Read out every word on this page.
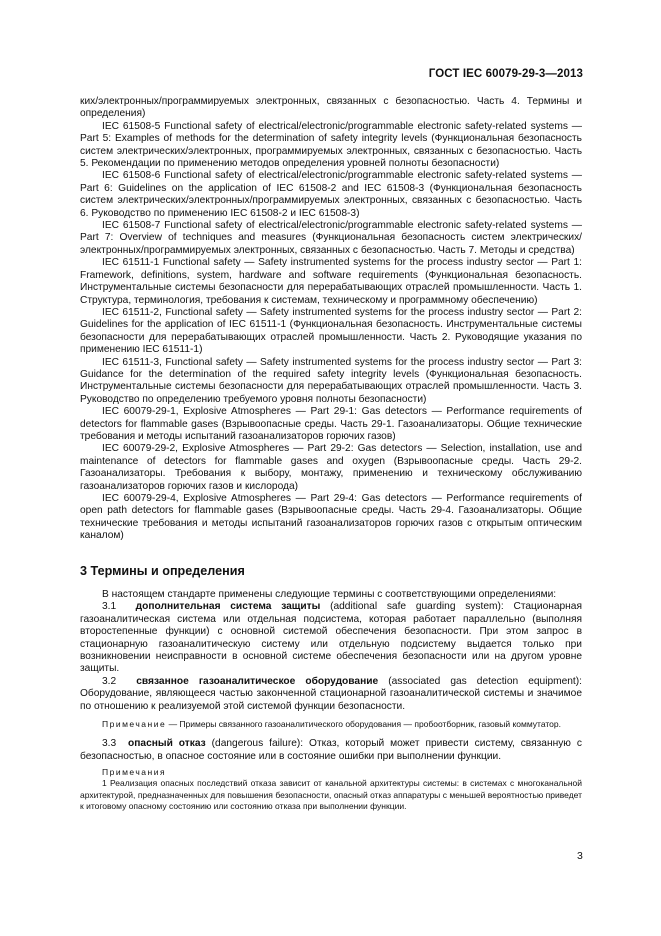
ГОСТ IEC 60079-29-3—2013

ких/электронных/программируемых электронных, связанных с безопасностью. Часть 4. Термины и определения)

IEC 61508-5 Functional safety of electrical/electronic/programmable electronic safety-related systems — Part 5: Examples of methods for the determination of safety integrity levels (Функциональная безопасность систем электрических/электронных, программируемых электронных, связанных с безопасностью. Часть 5. Рекомендации по применению методов определения уровней полноты безопасности)

IEC 61508-6 Functional safety of electrical/electronic/programmable electronic safety-related systems — Part 6: Guidelines on the application of IEC 61508-2 and IEC 61508-3 (Функциональная безопасность систем электрических/электронных/программируемых электронных, связанных с безопасностью. Часть 6. Руководство по применению IEC 61508-2 и IEC 61508-3)

IEC 61508-7 Functional safety of electrical/electronic/programmable electronic safety-related systems — Part 7: Overview of techniques and measures (Функциональная безопасность систем электрических/электронных/программируемых электронных, связанных с безопасностью. Часть 7. Методы и средства)

IEC 61511-1 Functional safety — Safety instrumented systems for the process industry sector — Part 1: Framework, definitions, system, hardware and software requirements (Функциональная безопасность. Инструментальные системы безопасности для перерабатывающих отраслей промышленности. Часть 1. Структура, терминология, требования к системам, техническому и программному обеспечению)

IEC 61511-2, Functional safety — Safety instrumented systems for the process industry sector — Part 2: Guidelines for the application of IEC 61511-1 (Функциональная безопасность. Инструментальные системы безопасности для перерабатывающих отраслей промышленности. Часть 2. Руководящие указания по применению IEC 61511-1)

IEC 61511-3, Functional safety — Safety instrumented systems for the process industry sector — Part 3: Guidance for the determination of the required safety integrity levels (Функциональная безопасность. Инструментальные системы безопасности для перерабатывающих отраслей промышленности. Часть 3. Руководство по определению требуемого уровня полноты безопасности)

IEC 60079-29-1, Explosive Atmospheres — Part 29-1: Gas detectors — Performance requirements of detectors for flammable gases (Взрывоопасные среды. Часть 29-1. Газоанализаторы. Общие технические требования и методы испытаний газоанализаторов горючих газов)

IEC 60079-29-2, Explosive Atmospheres — Part 29-2: Gas detectors — Selection, installation, use and maintenance of detectors for flammable gases and oxygen (Взрывоопасные среды. Часть 29-2. Газоанализаторы. Требования к выбору, монтажу, применению и техническому обслуживанию газоанализаторов горючих газов и кислорода)

IEC 60079-29-4, Explosive Atmospheres — Part 29-4: Gas detectors — Performance requirements of open path detectors for flammable gases (Взрывоопасные среды. Часть 29-4. Газоанализаторы. Общие технические требования и методы испытаний газоанализаторов горючих газов с открытым оптическим каналом)

3 Термины и определения

В настоящем стандарте применены следующие термины с соответствующими определениями:

3.1 дополнительная система защиты (additional safe guarding system): Стационарная газоаналитическая система или отдельная подсистема, которая работает параллельно (выполняя второстепенные функции) с основной системой обеспечения безопасности. При этом запрос в стационарную газоаналитическую систему или отдельную подсистему выдается только при возникновении неисправности в основной системе обеспечения безопасности или на другом уровне защиты.

3.2 связанное газоаналитическое оборудование (associated gas detection equipment): Оборудование, являющееся частью законченной стационарной газоаналитической системы и значимое по отношению к реализуемой этой системой функции безопасности.

Примечание — Примеры связанного газоаналитического оборудования — пробоотборник, газовый коммутатор.

3.3 опасный отказ (dangerous failure): Отказ, который может привести систему, связанную с безопасностью, в опасное состояние или в состояние ошибки при выполнении функции.

Примечания

1 Реализация опасных последствий отказа зависит от канальной архитектуры системы: в системах с многоканальной архитектурой, предназначенных для повышения безопасности, опасный отказ аппаратуры с меньшей вероятностью приведет к итоговому опасному состоянию или состоянию отказа при выполнении функции.

3
